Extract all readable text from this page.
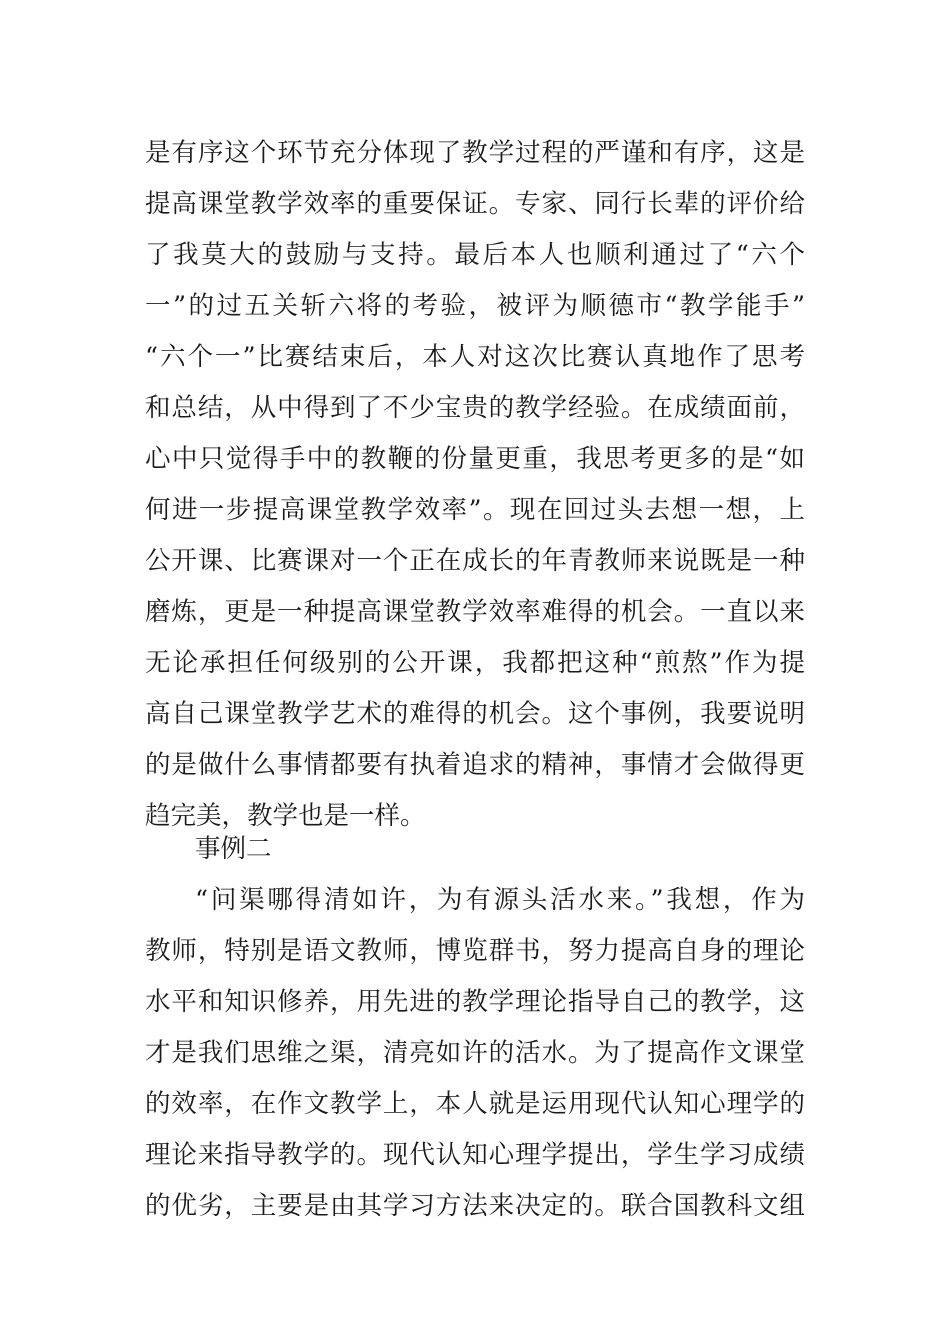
是有序这个环节充分体现了教学过程的严谨和有序，这是
提高课堂教学效率的重要保证。专家、同行长辈的评价给
了我莫大的鼓励与支持。最后本人也顺利通过了“六个
一”的过五关斩六将的考验，被评为顺德市“教学能手”
“六个一”比赛结束后，本人对这次比赛认真地作了思考
和总结，从中得到了不少宝贵的教学经验。在成绩面前，
心中只觉得手中的教鞭的份量更重，我思考更多的是“如
何进一步提高课堂教学效率”。现在回过头去想一想，上
公开课、比赛课对一个正在成长的年青教师来说既是一种
磨炼，更是一种提高课堂教学效率难得的机会。一直以来
无论承担任何级别的公开课，我都把这种“煎熬”作为提
高自己课堂教学艺术的难得的机会。这个事例，我要说明
的是做什么事情都要有执着追求的精神，事情才会做得更
趋完美，教学也是一样。
事例二
“问渠哪得清如许，为有源头活水来。”我想，作为
教师，特别是语文教师，博览群书，努力提高自身的理论
水平和知识修养，用先进的教学理论指导自己的教学，这
才是我们思维之渠，清亮如许的活水。为了提高作文课堂
的效率，在作文教学上，本人就是运用现代认知心理学的
理论来指导教学的。现代认知心理学提出，学生学习成绩
的优劣，主要是由其学习方法来决定的。联合国教科文组
